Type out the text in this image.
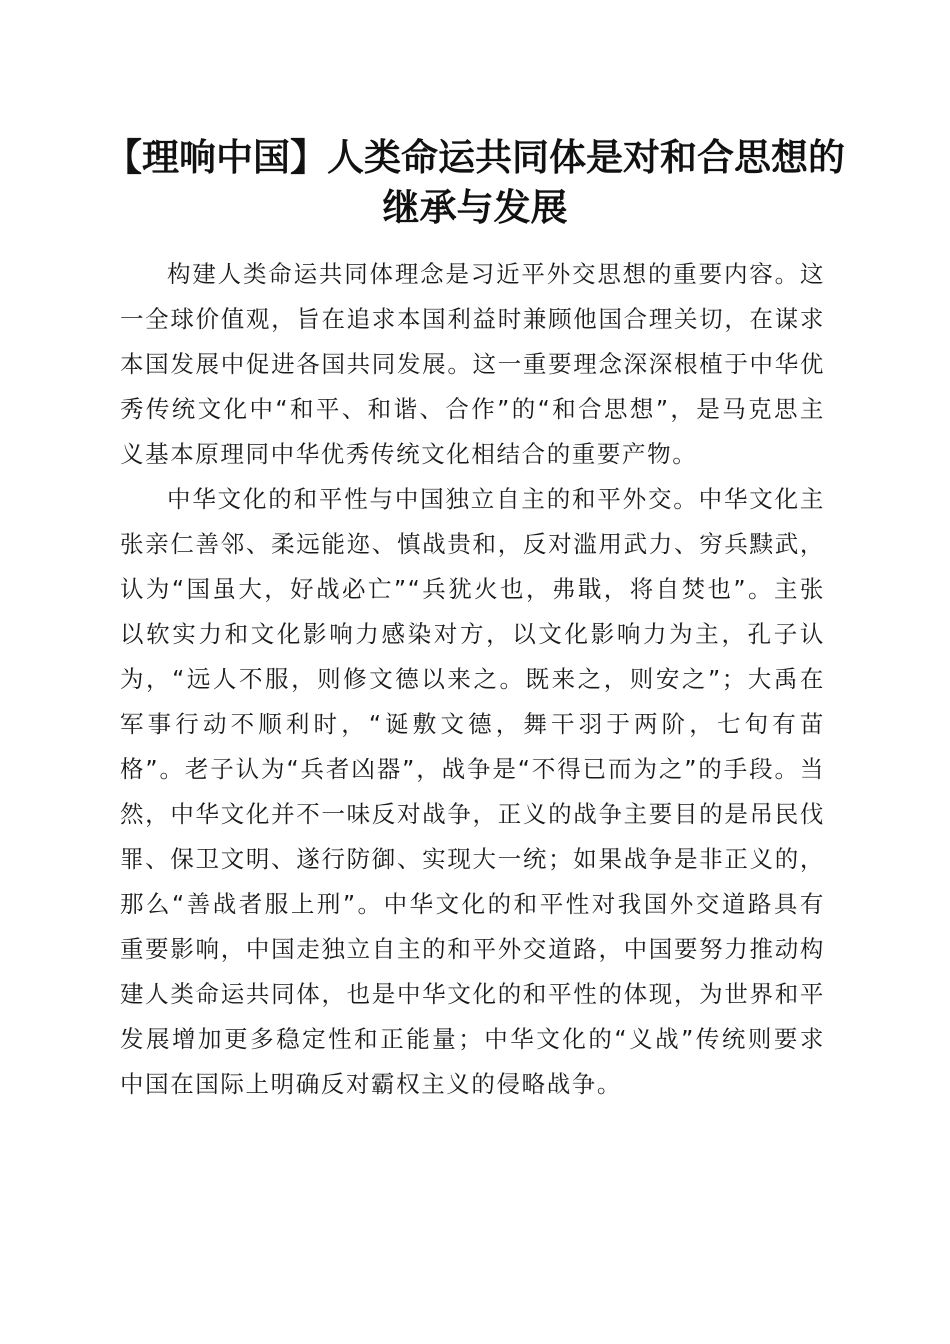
【理响中国】人类命运共同体是对和合思想的
继承与发展

构建人类命运共同体理念是习近平外交思想的重要内容。这一全球价值观，旨在追求本国利益时兼顾他国合理关切，在谋求本国发展中促进各国共同发展。这一重要理念深深根植于中华优秀传统文化中“和平、和谐、合作”的“和合思想”，是马克思主义基本原理同中华优秀传统文化相结合的重要产物。

中华文化的和平性与中国独立自主的和平外交。中华文化主张亲仁善邻、柔远能迩、慎战贵和，反对滥用武力、穷兵黩武，认为“国虽大，好战必亡”“兵犹火也，弗戢，将自焚也”。主张以软实力和文化影响力感染对方，以文化影响力为主，孔子认为，“远人不服，则修文德以来之。既来之，则安之”；大禹在军事行动不顺利时，“诞敷文德，舞干羽于两阶，七旬有苗格”。老子认为“兵者凶器”，战争是“不得已而为之”的手段。当然，中华文化并不一味反对战争，正义的战争主要目的是吊民伐罪、保卫文明、遂行防御、实现大一统；如果战争是非正义的，那么“善战者服上刑”。中华文化的和平性对我国外交道路具有重要影响，中国走独立自主的和平外交道路，中国要努力推动构建人类命运共同体，也是中华文化的和平性的体现，为世界和平发展增加更多稳定性和正能量；中华文化的“义战”传统则要求中国在国际上明确反对霸权主义的侵略战争。
